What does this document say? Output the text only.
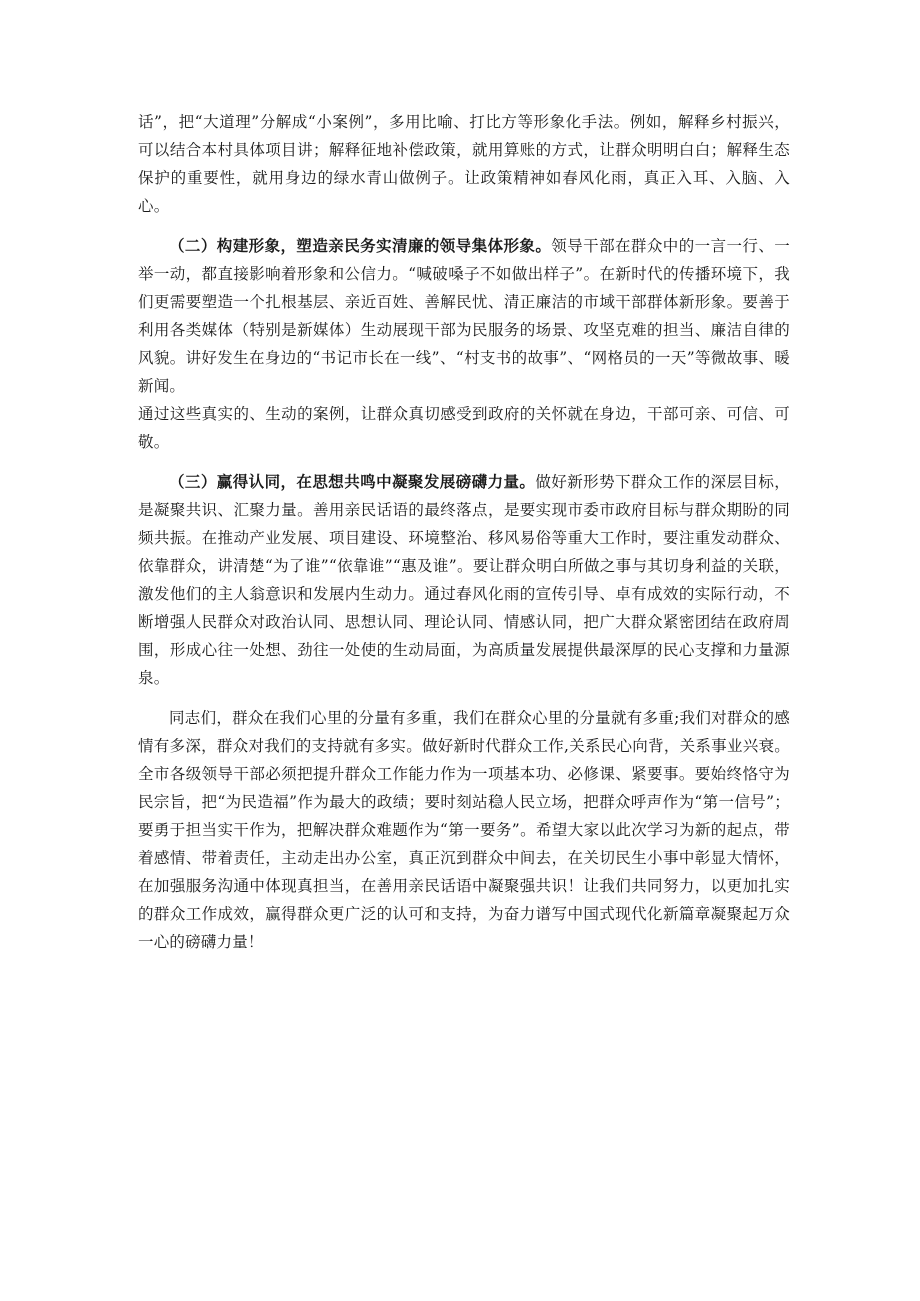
话”，把“大道理”分解成“小案例”，多用比喻、打比方等形象化手法。例如，解释乡村振兴，可以结合本村具体项目讲；解释征地补偿政策，就用算账的方式，让群众明明白白；解释生态保护的重要性，就用身边的绿水青山做例子。让政策精神如春风化雨，真正入耳、入脑、入心。

（二）构建形象，塑造亲民务实清廉的领导集体形象。领导干部在群众中的一言一行、一举一动，都直接影响着形象和公信力。“喊破嗓子不如做出样子”。在新时代的传播环境下，我们更需要塑造一个扎根基层、亲近百姓、善解民忧、清正廉洁的市域干部群体新形象。要善于利用各类媒体（特别是新媒体）生动展现干部为民服务的场景、攻坚克难的担当、廉洁自律的风貌。讲好发生在身边的“书记市长在一线”、“村支书的故事”、“网格员的一天”等微故事、暖新闻。

通过这些真实的、生动的案例，让群众真切感受到政府的关怀就在身边，干部可亲、可信、可敬。

（三）赢得认同，在思想共鸣中凝聚发展磅礴力量。做好新形势下群众工作的深层目标，是凝聚共识、汇聚力量。善用亲民话语的最终落点，是要实现市委市政府目标与群众期盼的同频共振。在推动产业发展、项目建设、环境整治、移风易俗等重大工作时，要注重发动群众、依靠群众，讲清楚“为了谁”“依靠谁”“惠及谁”。要让群众明白所做之事与其切身利益的关联，激发他们的主人翁意识和发展内生动力。通过春风化雨的宣传引导、卓有成效的实际行动，不断增强人民群众对政治认同、思想认同、理论认同、情感认同，把广大群众紧密团结在政府周围，形成心往一处想、劲往一处使的生动局面，为高质量发展提供最深厚的民心支撑和力量源泉。

同志们，群众在我们心里的分量有多重，我们在群众心里的分量就有多重;我们对群众的感情有多深，群众对我们的支持就有多实。做好新时代群众工作,关系民心向背，关系事业兴衰。全市各级领导干部必须把提升群众工作能力作为一项基本功、必修课、紧要事。要始终恪守为民宗旨，把“为民造福”作为最大的政绩；要时刻站稳人民立场，把群众呼声作为“第一信号”；要勇于担当实干作为，把解决群众难题作为“第一要务”。希望大家以此次学习为新的起点，带着感情、带着责任，主动走出办公室，真正沉到群众中间去，在关切民生小事中彰显大情怀，在加强服务沟通中体现真担当，在善用亲民话语中凝聚强共识！让我们共同努力，以更加扎实的群众工作成效，赢得群众更广泛的认可和支持，为奋力谱写中国式现代化新篇章凝聚起万众一心的磅礴力量！
